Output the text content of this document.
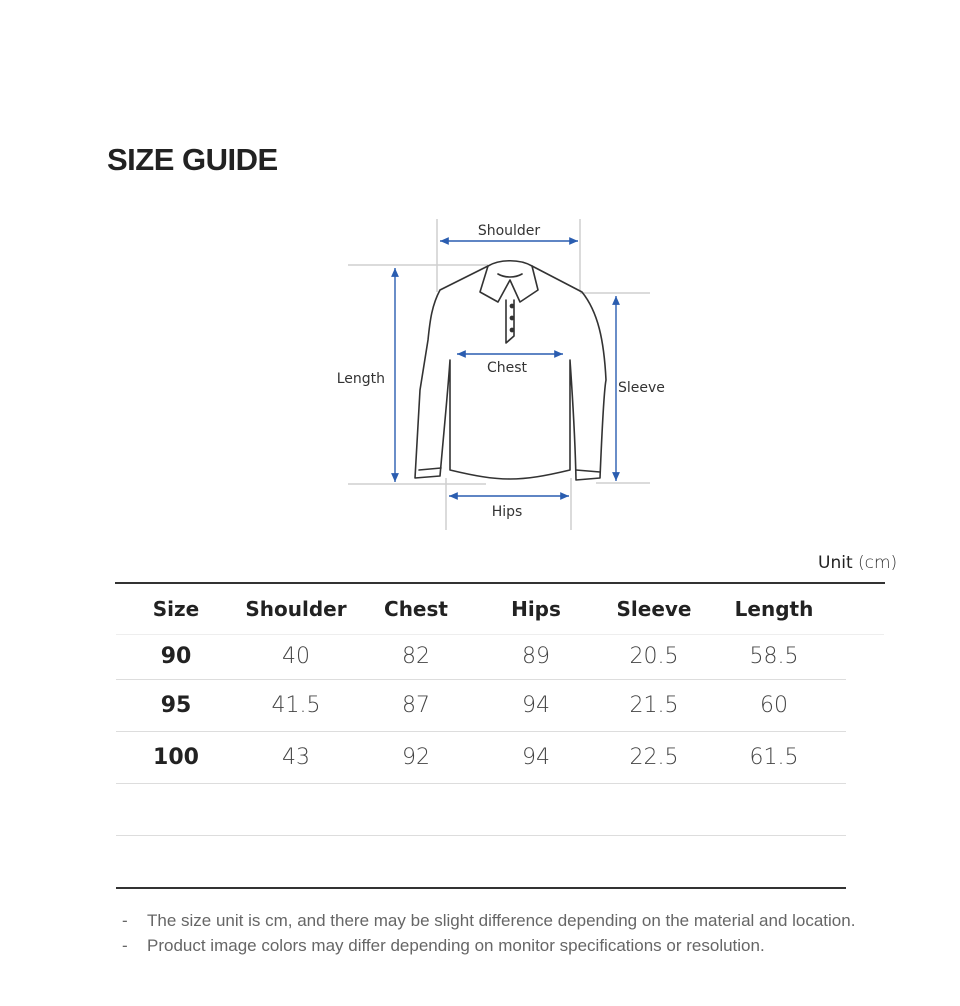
SIZE GUIDE
Shoulder
Length
Chest
Sleeve
Hips
Unit (cm)
Size	Shoulder	Chest	Hips	Sleeve	Length
90	40	82	89	20.5	58.5
95	41.5	87	94	21.5	60
100	43	92	94	22.5	61.5
- The size unit is cm, and there may be slight difference depending on the material and location.
- Product image colors may differ depending on monitor specifications or resolution.
